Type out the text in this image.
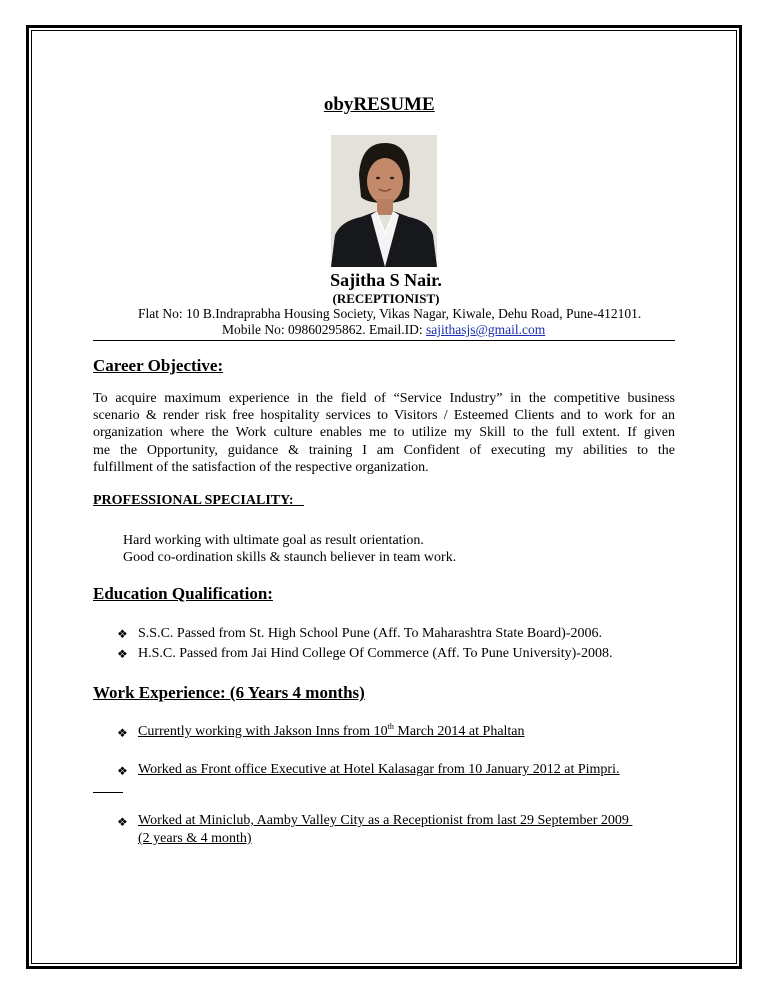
obyRESUME
Sajitha S Nair.
(RECEPTIONIST)
Flat No: 10 B.Indraprabha Housing Society, Vikas Nagar, Kiwale, Dehu Road, Pune-412101.
Mobile No: 09860295862. Email.ID: sajithasjs@gmail.com
Career Objective:
To acquire maximum experience in the field of “Service Industry” in the competitive business
scenario & render risk free hospitality services to Visitors / Esteemed Clients and to work for an
organization where the Work culture enables me to utilize my Skill to the full extent. If given
me the Opportunity, guidance & training I am Confident of executing my abilities to the
fulfillment of the satisfaction of the respective organization.
PROFESSIONAL SPECIALITY:
Hard working with ultimate goal as result orientation.
Good co-ordination skills & staunch believer in team work.
Education Qualification:
❖ S.S.C. Passed from St. High School Pune (Aff. To Maharashtra State Board)-2006.
❖ H.S.C. Passed from Jai Hind College Of Commerce (Aff. To Pune University)-2008.
Work Experience: (6 Years 4 months)
❖ Currently working with Jakson Inns from 10th March 2014 at Phaltan
❖ Worked as Front office Executive at Hotel Kalasagar from 10 January 2012 at Pimpri.
❖ Worked at Miniclub, Aamby Valley City as a Receptionist from last 29 September 2009
(2 years & 4 month)
